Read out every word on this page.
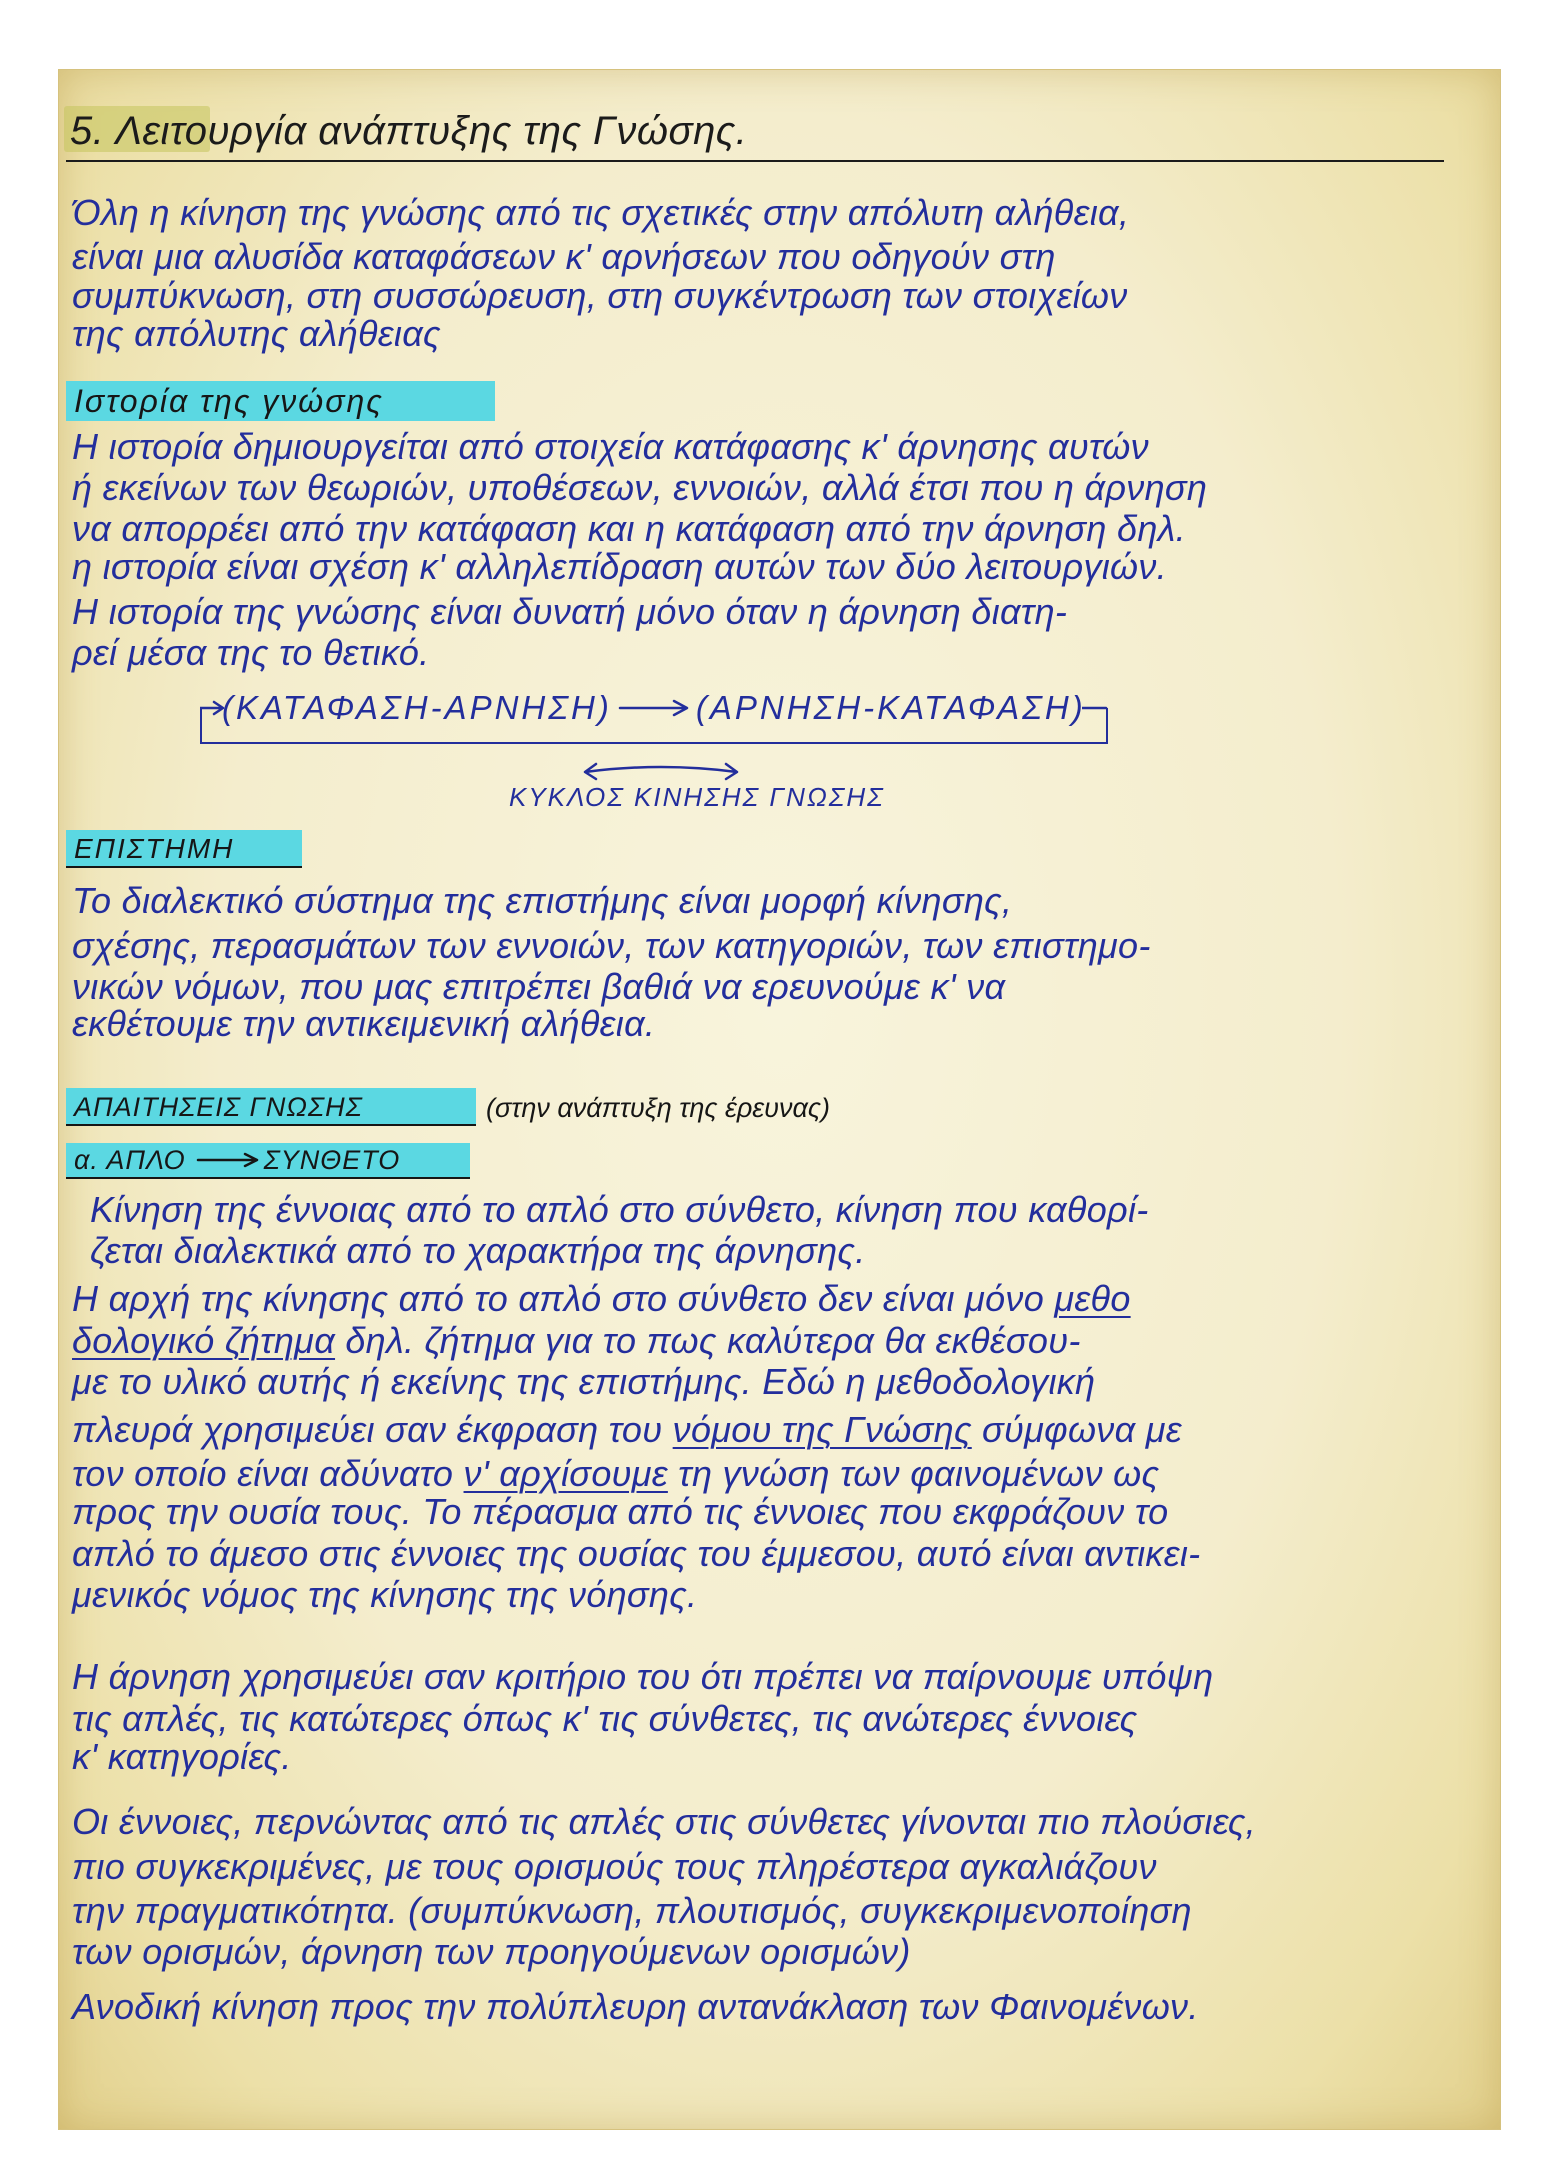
5. Λειτουργία ανάπτυξης της Γνώσης.
Όλη η κίνηση της γνώσης από τις σχετικές στην απόλυτη αλήθεια,
είναι μια αλυσίδα καταφάσεων κ' αρνήσεων που οδηγούν στη
συμπύκνωση, στη συσσώρευση, στη συγκέντρωση των στοιχείων
της απόλυτης αλήθειας
Ιστορία της γνώσης
Η ιστορία δημιουργείται από στοιχεία κατάφασης κ' άρνησης αυτών
ή εκείνων των θεωριών, υποθέσεων, εννοιών, αλλά έτσι που η άρνηση
να απορρέει από την κατάφαση και η κατάφαση από την άρνηση δηλ.
η ιστορία είναι σχέση κ' αλληλεπίδραση αυτών των δύο λειτουργιών.
Η ιστορία της γνώσης είναι δυνατή μόνο όταν η άρνηση διατη-
ρεί μέσα της το θετικό.
(ΚΑΤΑΦΑΣΗ-ΑΡΝΗΣΗ)	(ΑΡΝΗΣΗ-ΚΑΤΑΦΑΣΗ)
ΚΥΚΛΟΣ ΚΙΝΗΣΗΣ ΓΝΩΣΗΣ
ΕΠΙΣΤΗΜΗ
Το διαλεκτικό σύστημα της επιστήμης είναι μορφή κίνησης,
σχέσης, περασμάτων των εννοιών, των κατηγοριών, των επιστημο-
νικών νόμων, που μας επιτρέπει βαθιά να ερευνούμε κ' να
εκθέτουμε την αντικειμενική αλήθεια.
ΑΠΑΙΤΗΣΕΙΣ ΓΝΩΣΗΣ	(στην ανάπτυξη της έρευνας)
α. ΑΠΛΟ	ΣΥΝΘΕΤΟ
Κίνηση της έννοιας από το απλό στο σύνθετο, κίνηση που καθορί-
ζεται διαλεκτικά από το χαρακτήρα της άρνησης.
Η αρχή της κίνησης από το απλό στο σύνθετο δεν είναι μόνο μεθο
δολογικό ζήτημα δηλ. ζήτημα για το πως καλύτερα θα εκθέσου-
με το υλικό αυτής ή εκείνης της επιστήμης. Εδώ η μεθοδολογική
πλευρά χρησιμεύει σαν έκφραση του νόμου της Γνώσης σύμφωνα με
τον οποίο είναι αδύνατο ν' αρχίσουμε τη γνώση των φαινομένων ως
προς την ουσία τους. Το πέρασμα από τις έννοιες που εκφράζουν το
απλό το άμεσο στις έννοιες της ουσίας του έμμεσου, αυτό είναι αντικει-
μενικός νόμος της κίνησης της νόησης.
Η άρνηση χρησιμεύει σαν κριτήριο του ότι πρέπει να παίρνουμε υπόψη
τις απλές, τις κατώτερες όπως κ' τις σύνθετες, τις ανώτερες έννοιες
κ' κατηγορίες.
Οι έννοιες, περνώντας από τις απλές στις σύνθετες γίνονται πιο πλούσιες,
πιο συγκεκριμένες, με τους ορισμούς τους πληρέστερα αγκαλιάζουν
την πραγματικότητα. (συμπύκνωση, πλουτισμός, συγκεκριμενοποίηση
των ορισμών, άρνηση των προηγούμενων ορισμών)
Ανοδική κίνηση προς την πολύπλευρη αντανάκλαση των Φαινομένων.
